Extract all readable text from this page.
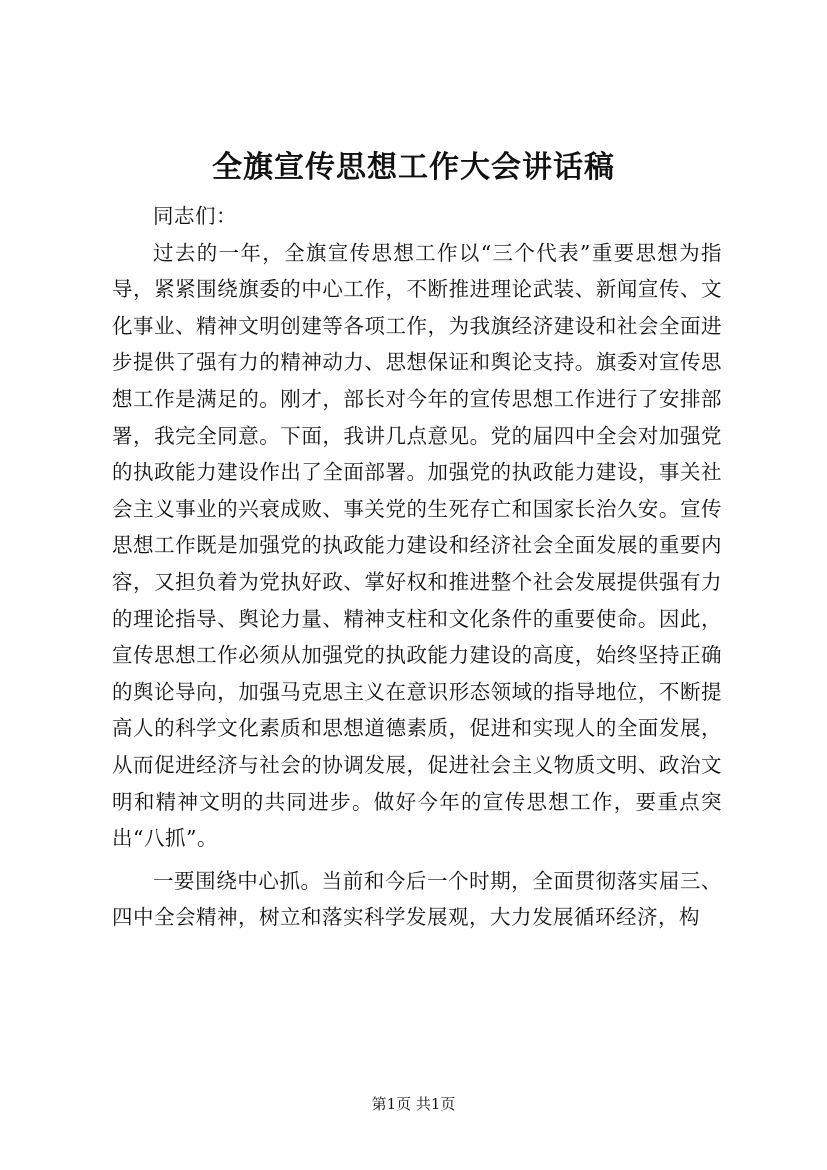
全旗宣传思想工作大会讲话稿

同志们：

过去的一年，全旗宣传思想工作以“三个代表”重要思想为指导，紧紧围绕旗委的中心工作，不断推进理论武装、新闻宣传、文化事业、精神文明创建等各项工作，为我旗经济建设和社会全面进步提供了强有力的精神动力、思想保证和舆论支持。旗委对宣传思想工作是满足的。刚才，部长对今年的宣传思想工作进行了安排部署，我完全同意。下面，我讲几点意见。党的届四中全会对加强党的执政能力建设作出了全面部署。加强党的执政能力建设，事关社会主义事业的兴衰成败、事关党的生死存亡和国家长治久安。宣传思想工作既是加强党的执政能力建设和经济社会全面发展的重要内容，又担负着为党执好政、掌好权和推进整个社会发展提供强有力的理论指导、舆论力量、精神支柱和文化条件的重要使命。因此，宣传思想工作必须从加强党的执政能力建设的高度，始终坚持正确的舆论导向，加强马克思主义在意识形态领域的指导地位，不断提高人的科学文化素质和思想道德素质，促进和实现人的全面发展，从而促进经济与社会的协调发展，促进社会主义物质文明、政治文明和精神文明的共同进步。做好今年的宣传思想工作，要重点突出“八抓”。

一要围绕中心抓。当前和今后一个时期，全面贯彻落实届三、四中全会精神，树立和落实科学发展观，大力发展循环经济，构

第1页 共1页
